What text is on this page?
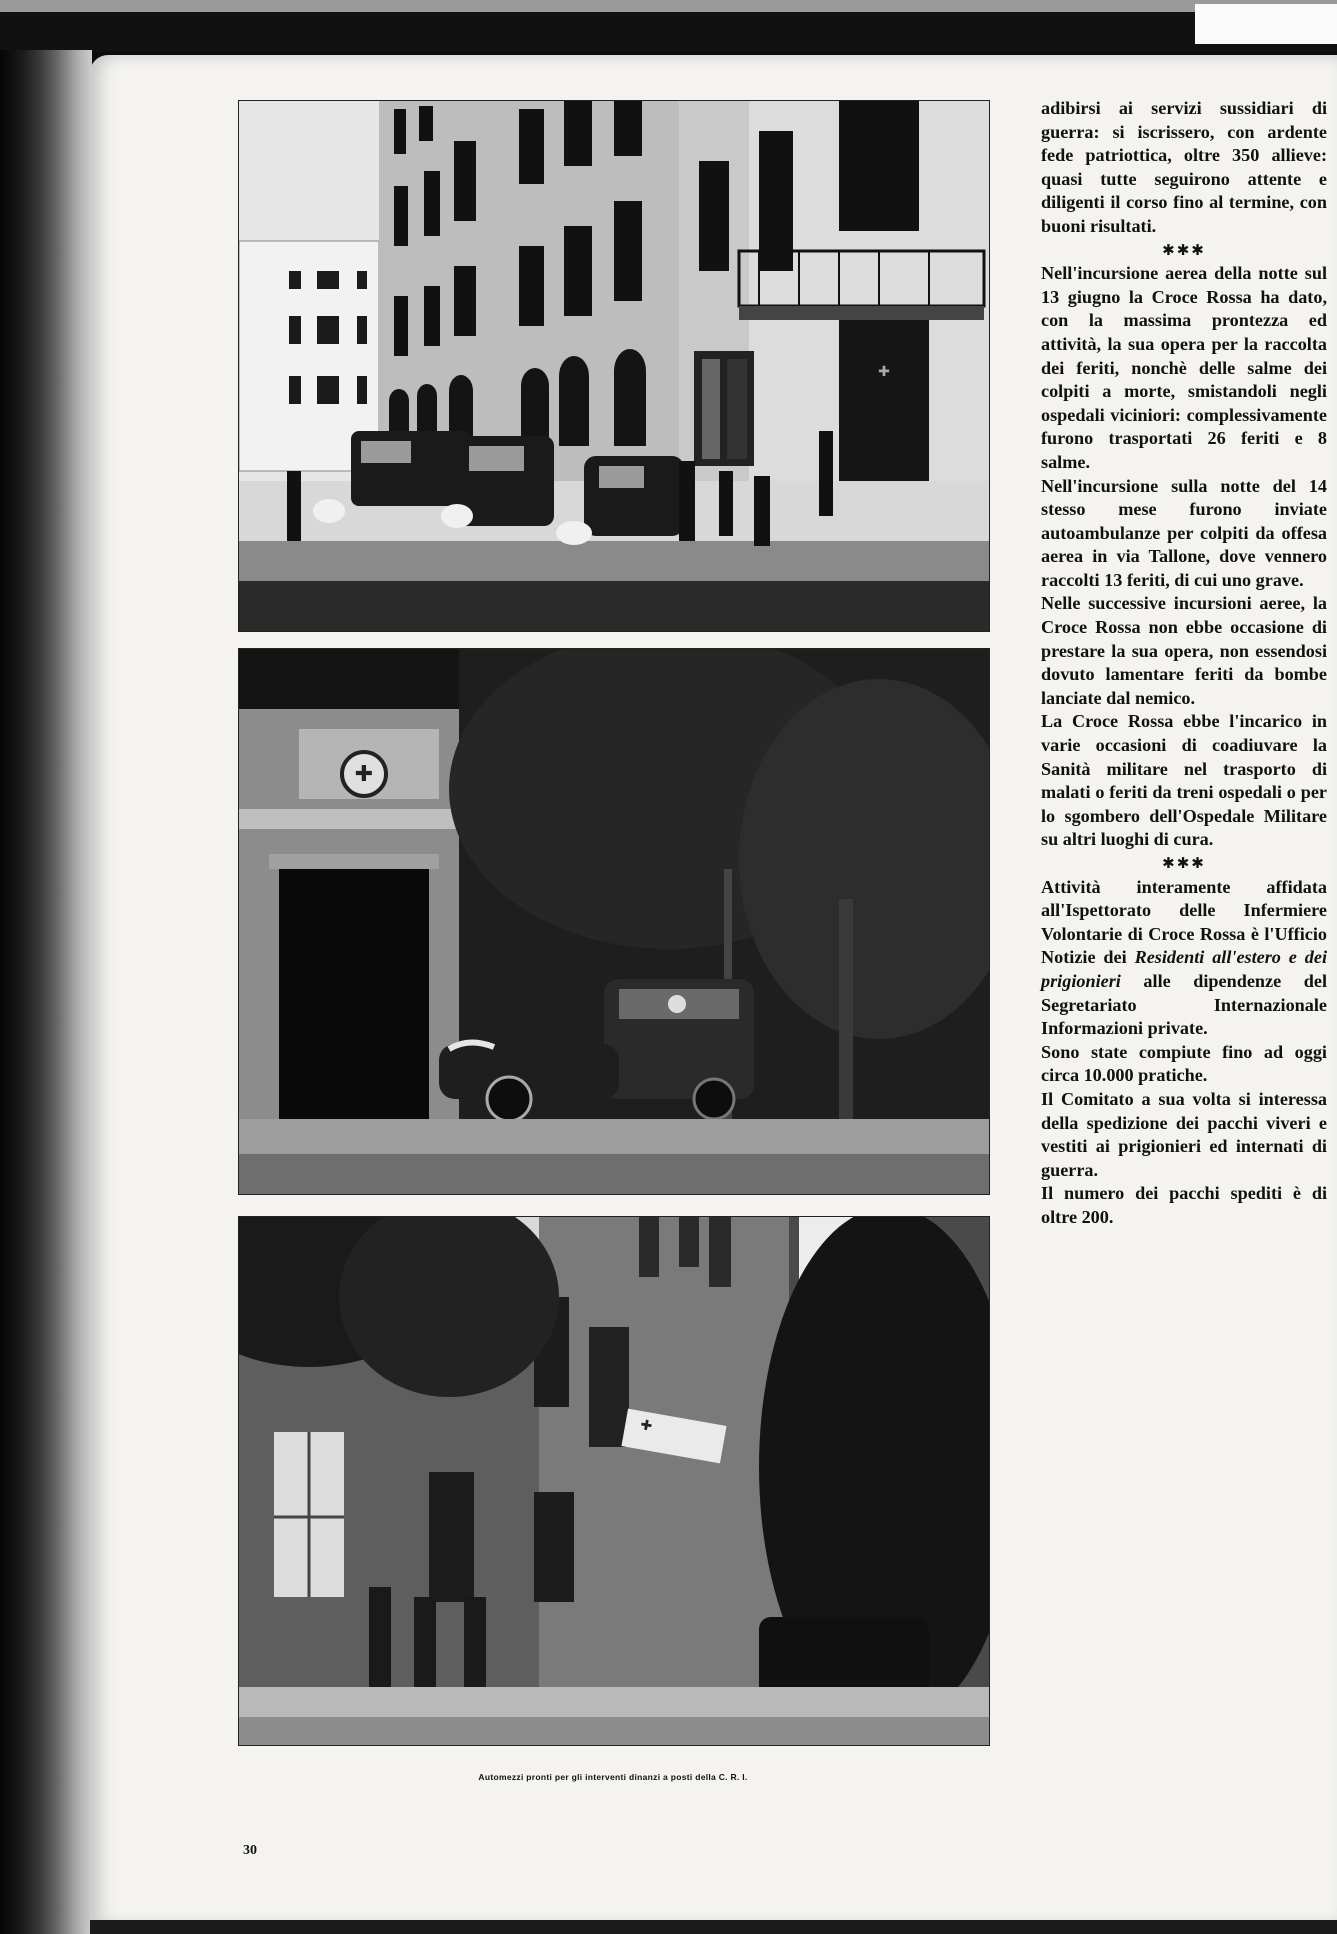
✚
✚
✚
Automezzi pronti per gli interventi dinanzi a posti della C. R. I.
30

adibirsi ai servizi sussidiari di guerra: si iscrissero, con ardente fede patriottica, oltre 350 allieve: quasi tutte seguirono attente e diligenti il corso fino al termine, con buoni risultati.

✱✱✱

Nell'incursione aerea della notte sul 13 giugno la Croce Rossa ha dato, con la massima prontezza ed attività, la sua opera per la raccolta dei feriti, nonchè delle salme dei colpiti a morte, smistandoli negli ospedali viciniori: complessivamente furono trasportati 26 feriti e 8 salme.

Nell'incursione sulla notte del 14 stesso mese furono inviate autoambulanze per colpiti da offesa aerea in via Tallone, dove vennero raccolti 13 feriti, di cui uno grave.

Nelle successive incursioni aeree, la Croce Rossa non ebbe occasione di prestare la sua opera, non essendosi dovuto lamentare feriti da bombe lanciate dal nemico.

La Croce Rossa ebbe l'incarico in varie occasioni di coadiuvare la Sanità militare nel trasporto di malati o feriti da treni ospedali o per lo sgombero dell'Ospedale Militare su altri luoghi di cura.

✱✱✱

Attività interamente affidata all'Ispettorato delle Infermiere Volontarie di Croce Rossa è l'Ufficio Notizie dei Residenti all'estero e dei prigionieri alle dipendenze del Segretariato Internazionale Informazioni private.

Sono state compiute fino ad oggi circa 10.000 pratiche.

Il Comitato a sua volta si interessa della spedizione dei pacchi viveri e vestiti ai prigionieri ed internati di guerra.

Il numero dei pacchi spediti è di oltre 200.
